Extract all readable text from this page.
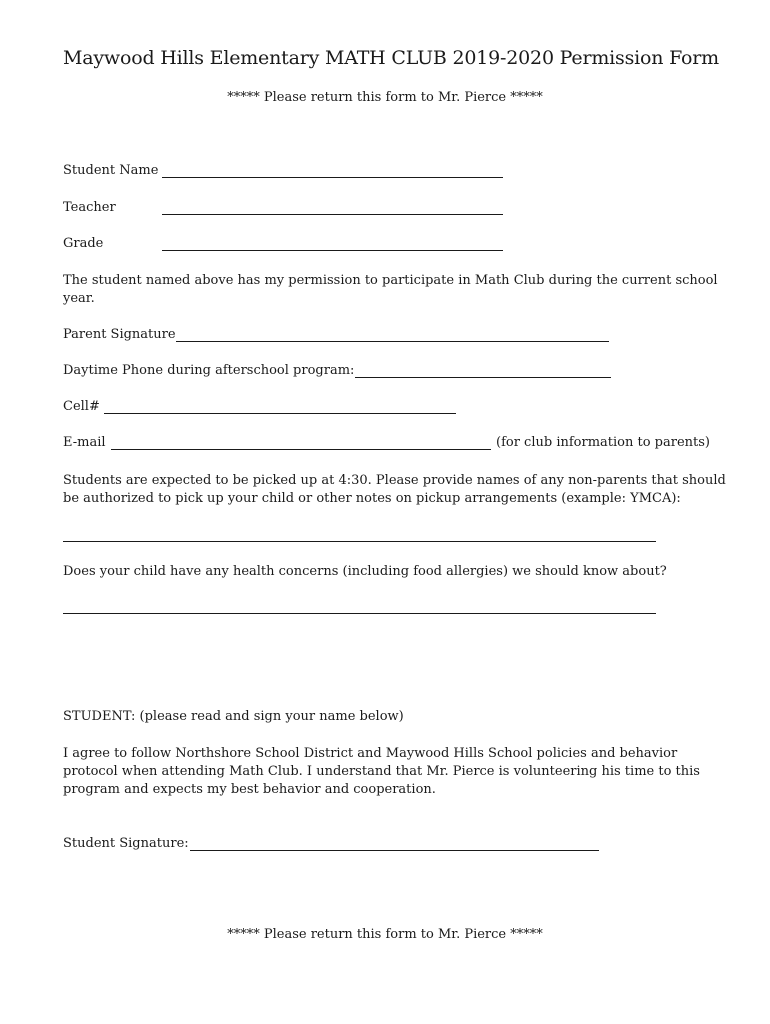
Maywood Hills Elementary MATH CLUB 2019-2020 Permission Form
***** Please return this form to Mr. Pierce *****
Student Name
Teacher
Grade
The student named above has my permission to participate in Math Club during the current school year.
Parent Signature
Daytime Phone during afterschool program:
Cell#
E-mail	(for club information to parents)
Students are expected to be picked up at 4:30. Please provide names of any non-parents that should be authorized to pick up your child or other notes on pickup arrangements (example: YMCA):
Does your child have any health concerns (including food allergies) we should know about?
STUDENT: (please read and sign your name below)
I agree to follow Northshore School District and Maywood Hills School policies and behavior protocol when attending Math Club. I understand that Mr. Pierce is volunteering his time to this program and expects my best behavior and cooperation.
Student Signature:
***** Please return this form to Mr. Pierce *****
